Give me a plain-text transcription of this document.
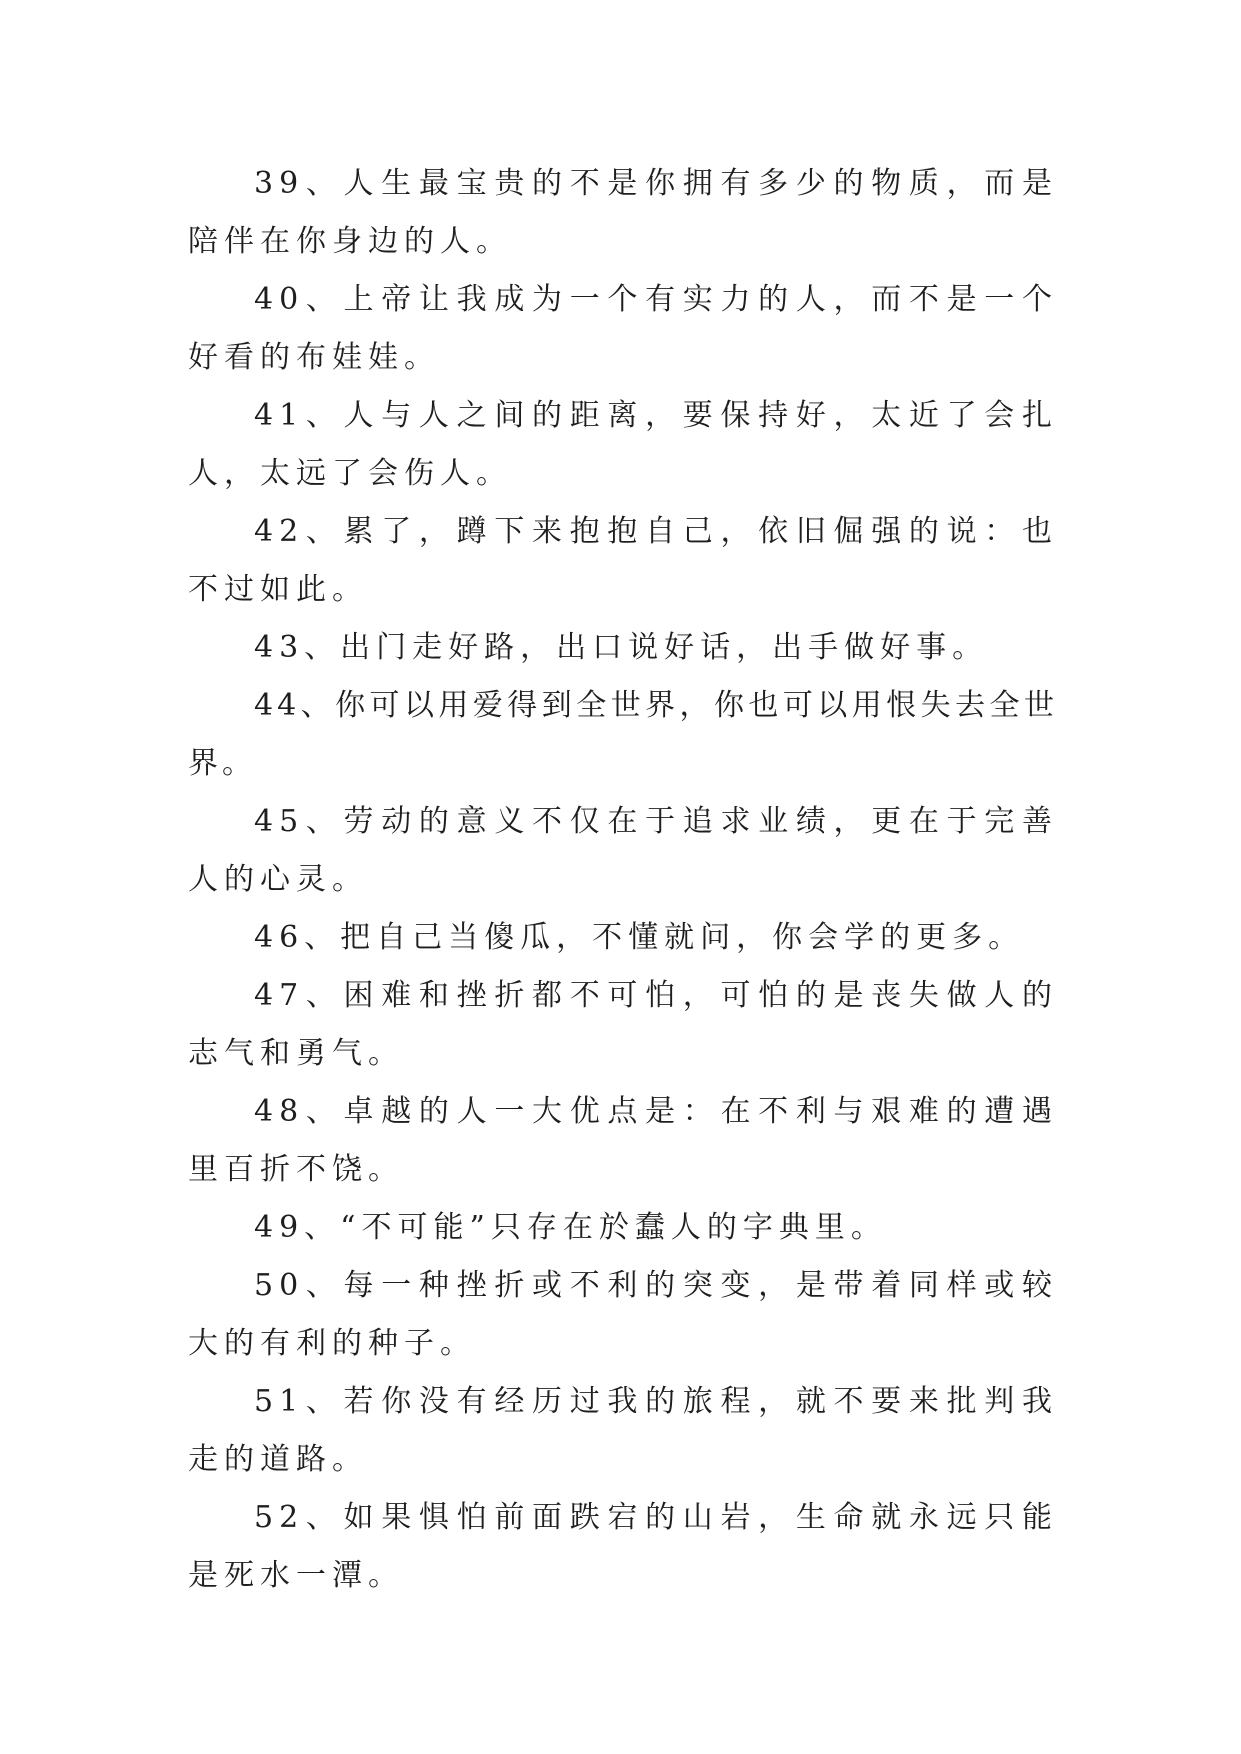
39、人生最宝贵的不是你拥有多少的物质，而是陪伴在你身边的人。

40、上帝让我成为一个有实力的人，而不是一个好看的布娃娃。

41、人与人之间的距离，要保持好，太近了会扎人，太远了会伤人。

42、累了，蹲下来抱抱自己，依旧倔强的说：也不过如此。

43、出门走好路，出口说好话，出手做好事。

44、你可以用爱得到全世界，你也可以用恨失去全世界。

45、劳动的意义不仅在于追求业绩，更在于完善人的心灵。

46、把自己当傻瓜，不懂就问，你会学的更多。

47、困难和挫折都不可怕，可怕的是丧失做人的志气和勇气。

48、卓越的人一大优点是：在不利与艰难的遭遇里百折不饶。

49、“不可能”只存在於蠢人的字典里。

50、每一种挫折或不利的突变，是带着同样或较大的有利的种子。

51、若你没有经历过我的旅程，就不要来批判我走的道路。

52、如果惧怕前面跌宕的山岩，生命就永远只能是死水一潭。
